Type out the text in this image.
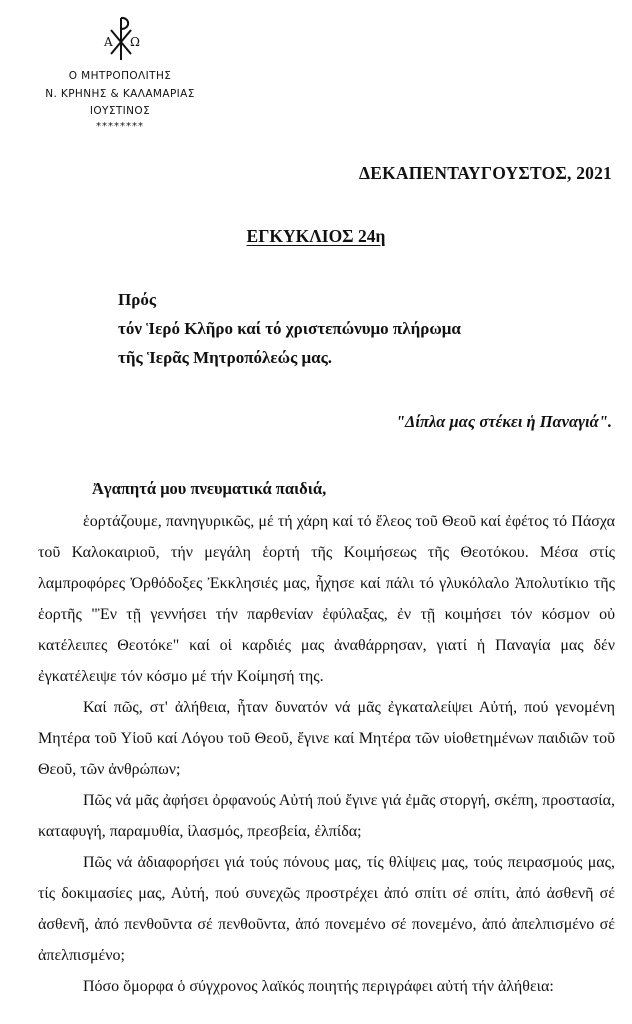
Α Ω
Ο ΜΗΤΡΟΠΟΛΙΤΗΣ
Ν. ΚΡΗΝΗΣ & ΚΑΛΑΜΑΡΙΑΣ
ΙΟΥΣΤΙΝΟΣ
********
ΔΕΚΑΠΕΝΤΑΥΓΟΥΣΤΟΣ, 2021
ΕΓΚΥΚΛΙΟΣ 24η
Πρός
τόν Ἱερό Κλῆρο καί τό χριστεπώνυμο πλήρωμα
τῆς Ἱερᾶς Μητροπόλεώς μας.
"Δίπλα μας στέκει ἡ Παναγιά".
Ἀγαπητά μου πνευματικά παιδιά,

ἑορτάζουμε, πανηγυρικῶς, μέ τή χάρη καί τό ἔλεος τοῦ Θεοῦ καί ἐφέτος τό Πάσχα τοῦ Καλοκαιριοῦ, τήν μεγάλη ἑορτή τῆς Κοιμήσεως τῆς Θεοτόκου. Μέσα στίς λαμπροφόρες Ὀρθόδοξες Ἐκκλησιές μας, ἦχησε καί πάλι τό γλυκόλαλο Ἀπολυτίκιο τῆς ἑορτῆς "Ἐν τῇ γεννήσει τήν παρθενίαν ἐφύλαξας, ἐν τῇ κοιμήσει τόν κόσμον οὐ κατέλειπες Θεοτόκε" καί οἱ καρδιές μας ἀναθάρρησαν, γιατί ἡ Παναγία μας δέν ἐγκατέλειψε τόν κόσμο μέ τήν Κοίμησή της.

Καί πῶς, στ' ἀλήθεια, ἦταν δυνατόν νά μᾶς ἐγκαταλείψει Αὐτή, πού γενομένη Μητέρα τοῦ Υἱοῦ καί Λόγου τοῦ Θεοῦ, ἔγινε καί Μητέρα τῶν υἱοθετημένων παιδιῶν τοῦ Θεοῦ, τῶν ἀνθρώπων;

Πῶς νά μᾶς ἀφήσει ὀρφανούς Αὐτή πού ἔγινε γιά ἐμᾶς στοργή, σκέπη, προστασία, καταφυγή, παραμυθία, ἱλασμός, πρεσβεία, ἐλπίδα;

Πῶς νά ἀδιαφορήσει γιά τούς πόνους μας, τίς θλίψεις μας, τούς πειρασμούς μας, τίς δοκιμασίες μας, Αὐτή, πού συνεχῶς προστρέχει ἀπό σπίτι σέ σπίτι, ἀπό ἀσθενῆ σέ ἀσθενῆ, ἀπό πενθοῦντα σέ πενθοῦντα, ἀπό πονεμένο σέ πονεμένο, ἀπό ἀπελπισμένο σέ ἀπελπισμένο;

Πόσο ὄμορφα ὁ σύγχρονος λαϊκός ποιητής περιγράφει αὐτή τήν ἀλήθεια:
